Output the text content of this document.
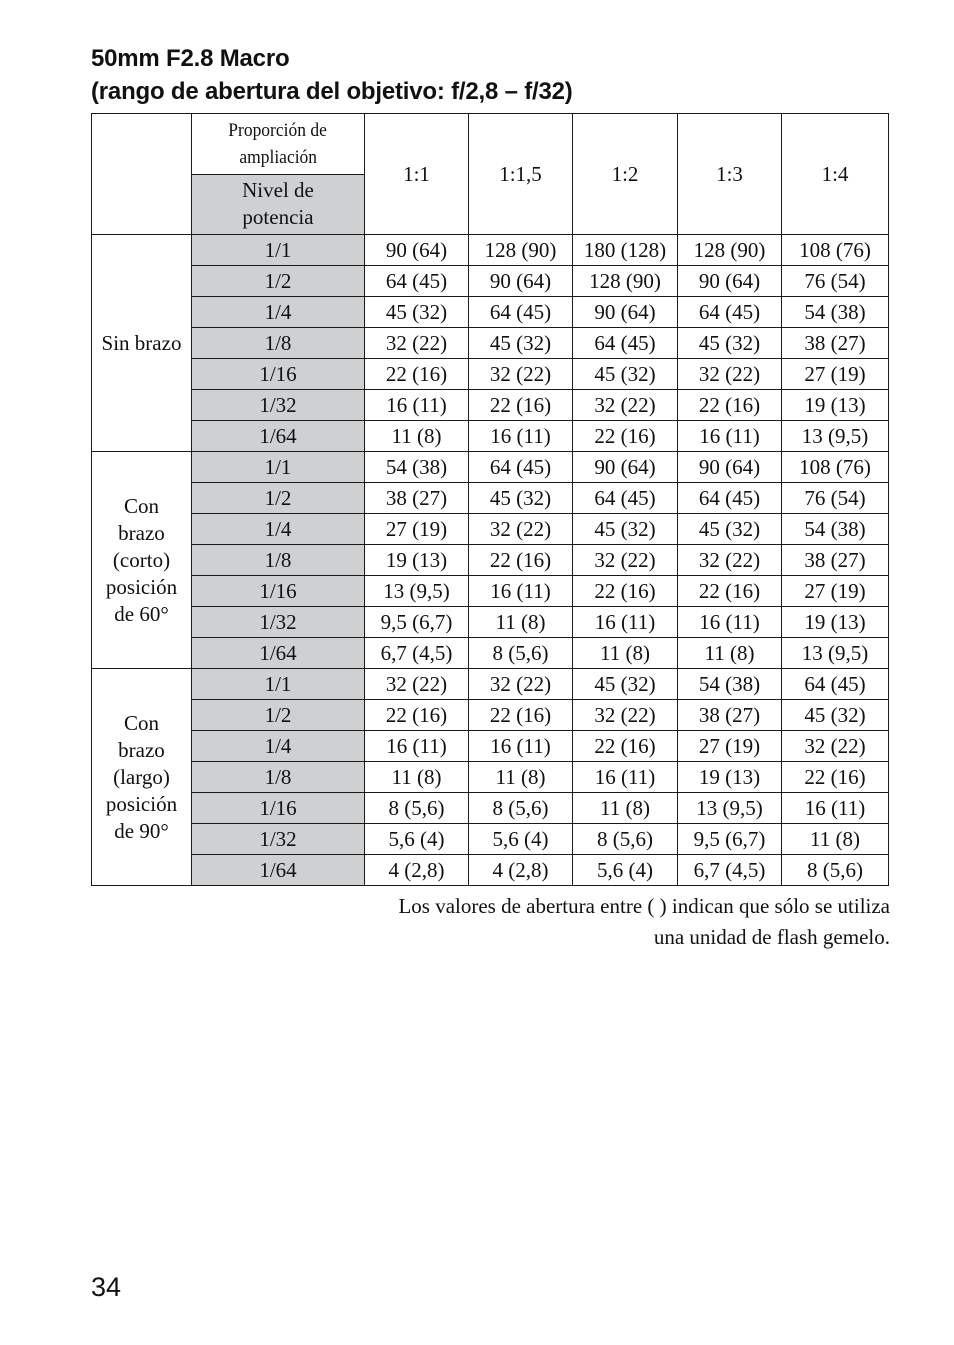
50mm F2.8 Macro
(rango de abertura del objetivo: f/2,8 – f/32)
	Proporción de
ampliación	1:1	1:1,5	1:2	1:3	1:4
	Nivel de
potencia					

Sin brazo	1/1	90 (64)	128 (90)	180 (128)	128 (90)	108 (76)
	1/2	64 (45)	90 (64)	128 (90)	90 (64)	76 (54)
	1/4	45 (32)	64 (45)	90 (64)	64 (45)	54 (38)
	1/8	32 (22)	45 (32)	64 (45)	45 (32)	38 (27)
	1/16	22 (16)	32 (22)	45 (32)	32 (22)	27 (19)
	1/32	16 (11)	22 (16)	32 (22)	22 (16)	19 (13)
	1/64	11 (8)	16 (11)	22 (16)	16 (11)	13 (9,5)

Con
brazo
(corto)
posición
de 60°	1/1	54 (38)	64 (45)	90 (64)	90 (64)	108 (76)
	1/2	38 (27)	45 (32)	64 (45)	64 (45)	76 (54)
	1/4	27 (19)	32 (22)	45 (32)	45 (32)	54 (38)
	1/8	19 (13)	22 (16)	32 (22)	32 (22)	38 (27)
	1/16	13 (9,5)	16 (11)	22 (16)	22 (16)	27 (19)
	1/32	9,5 (6,7)	11 (8)	16 (11)	16 (11)	19 (13)
	1/64	6,7 (4,5)	8 (5,6)	11 (8)	11 (8)	13 (9,5)

Con
brazo
(largo)
posición
de 90°	1/1	32 (22)	32 (22)	45 (32)	54 (38)	64 (45)
	1/2	22 (16)	22 (16)	32 (22)	38 (27)	45 (32)
	1/4	16 (11)	16 (11)	22 (16)	27 (19)	32 (22)
	1/8	11 (8)	11 (8)	16 (11)	19 (13)	22 (16)
	1/16	8 (5,6)	8 (5,6)	11 (8)	13 (9,5)	16 (11)
	1/32	5,6 (4)	5,6 (4)	8 (5,6)	9,5 (6,7)	11 (8)
	1/64	4 (2,8)	4 (2,8)	5,6 (4)	6,7 (4,5)	8 (5,6)
Los valores de abertura entre ( ) indican que sólo se utiliza
una unidad de flash gemelo.
34
